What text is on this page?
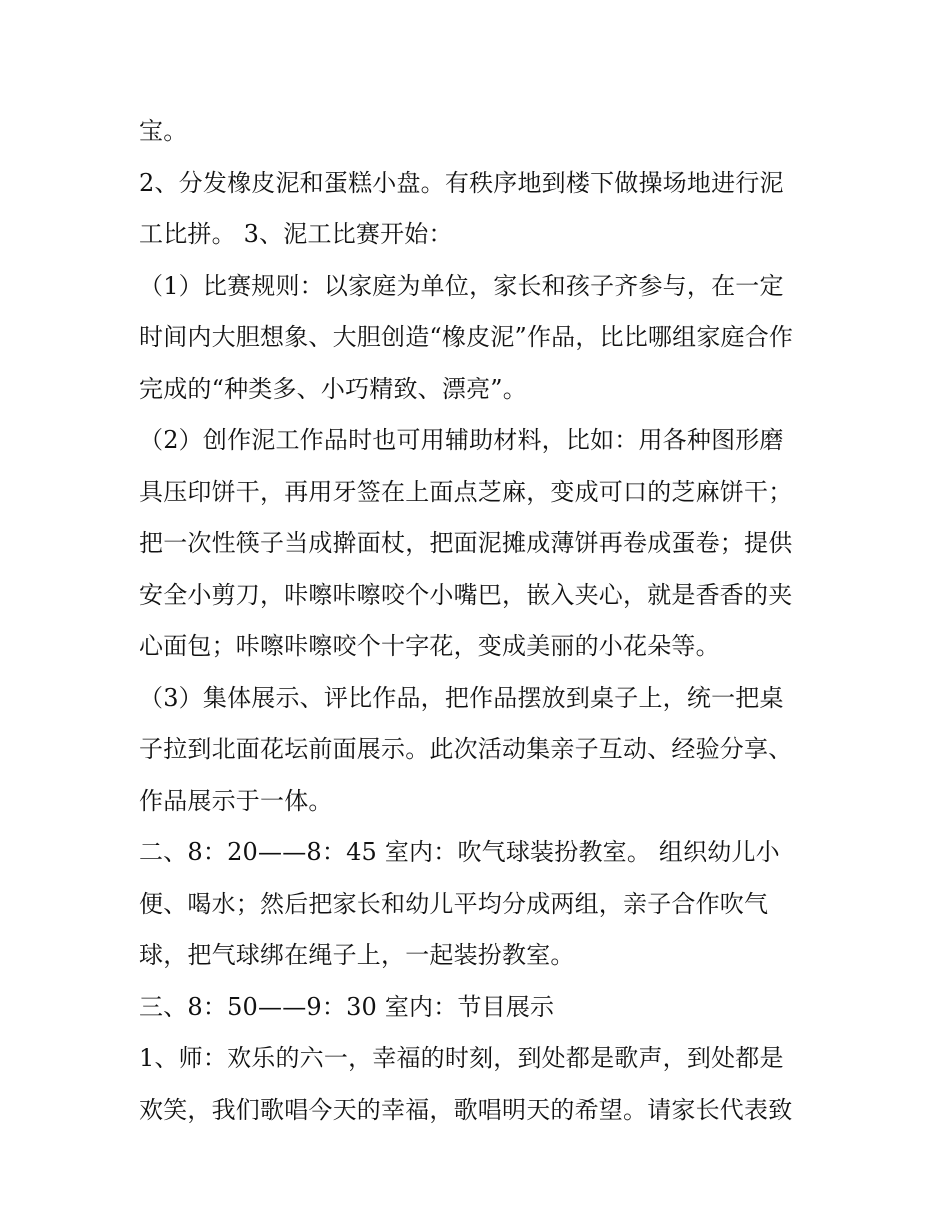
宝。
2、分发橡皮泥和蛋糕小盘。有秩序地到楼下做操场地进行泥
工比拼。 3、泥工比赛开始：
（1）比赛规则：以家庭为单位，家长和孩子齐参与，在一定
时间内大胆想象、大胆创造“橡皮泥”作品，比比哪组家庭合作
完成的“种类多、小巧精致、漂亮”。
（2）创作泥工作品时也可用辅助材料，比如：用各种图形磨
具压印饼干，再用牙签在上面点芝麻，变成可口的芝麻饼干；
把一次性筷子当成擀面杖，把面泥摊成薄饼再卷成蛋卷；提供
安全小剪刀，咔嚓咔嚓咬个小嘴巴，嵌入夹心，就是香香的夹
心面包；咔嚓咔嚓咬个十字花，变成美丽的小花朵等。
（3）集体展示、评比作品，把作品摆放到桌子上，统一把桌
子拉到北面花坛前面展示。此次活动集亲子互动、经验分享、
作品展示于一体。
二、8：20——8：45 室内：吹气球装扮教室。 组织幼儿小
便、喝水；然后把家长和幼儿平均分成两组，亲子合作吹气
球，把气球绑在绳子上，一起装扮教室。
三、8：50——9：30 室内：节目展示
1、师：欢乐的六一，幸福的时刻，到处都是歌声，到处都是
欢笑，我们歌唱今天的幸福，歌唱明天的希望。请家长代表致
